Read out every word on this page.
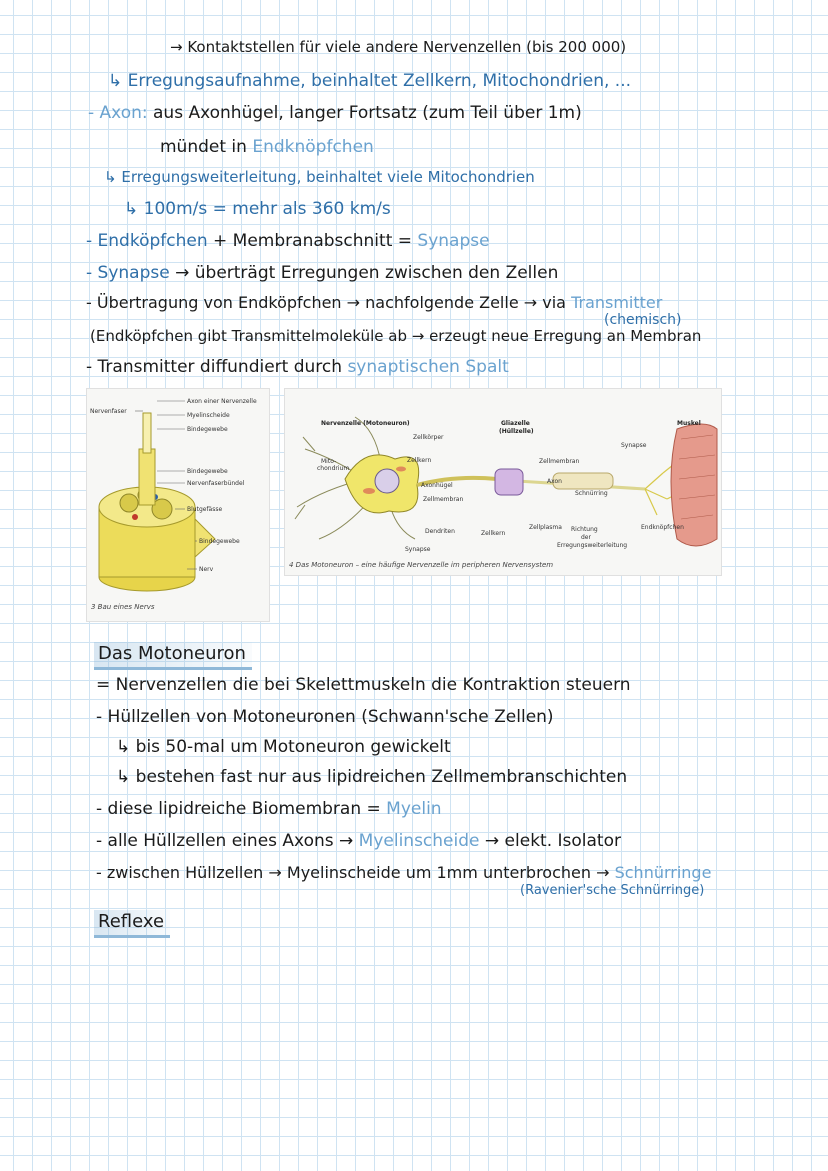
→ Kontaktstellen für viele andere Nervenzellen (bis 200 000)
↳ Erregungsaufnahme, beinhaltet Zellkern, Mitochondrien, ...
- Axon: aus Axonhügel, langer Fortsatz (zum Teil über 1m)
mündet in Endknöpfchen
↳ Erregungsweiterleitung, beinhaltet viele Mitochondrien
↳ 100m/s = mehr als 360 km/s
- Endköpfchen + Membranabschnitt = Synapse
- Synapse → überträgt Erregungen zwischen den Zellen
- Übertragung von Endköpfchen → nachfolgende Zelle → via Transmitter
(chemisch)
(Endköpfchen gibt Transmittelmoleküle ab → erzeugt neue Erregung an Membran
- Transmitter diffundiert durch synaptischen Spalt
Nervenfaser
Axon einer Nervenzelle
Myelinscheide
Bindegewebe
Bindegewebe
Nervenfaserbündel
Blutgefässe
Bindegewebe
Nerv
3 Bau eines Nervs
Nervenzelle (Motoneuron)	Gliazelle
(Hüllzelle)
Muskel
Zellkörper
Mito-
chondrium
Zellkern
Axonhügel
Zellmembran
Zellmembran
Axon
Schnürring
Synapse
Dendriten
Synapse
Zellkern
Zellplasma Richtung
der
Erregungsweiterleitung
Endknöpfchen
4 Das Motoneuron – eine häufige Nervenzelle im peripheren Nervensystem
Das Motoneuron
= Nervenzellen die bei Skelettmuskeln die Kontraktion steuern
- Hüllzellen von Motoneuronen (Schwann'sche Zellen)
↳ bis 50-mal um Motoneuron gewickelt
↳ bestehen fast nur aus lipidreichen Zellmembranschichten
- diese lipidreiche Biomembran = Myelin
- alle Hüllzellen eines Axons → Myelinscheide → elekt. Isolator
- zwischen Hüllzellen → Myelinscheide um 1mm unterbrochen → Schnürringe
(Ravenier'sche Schnürringe)
Reflexe
